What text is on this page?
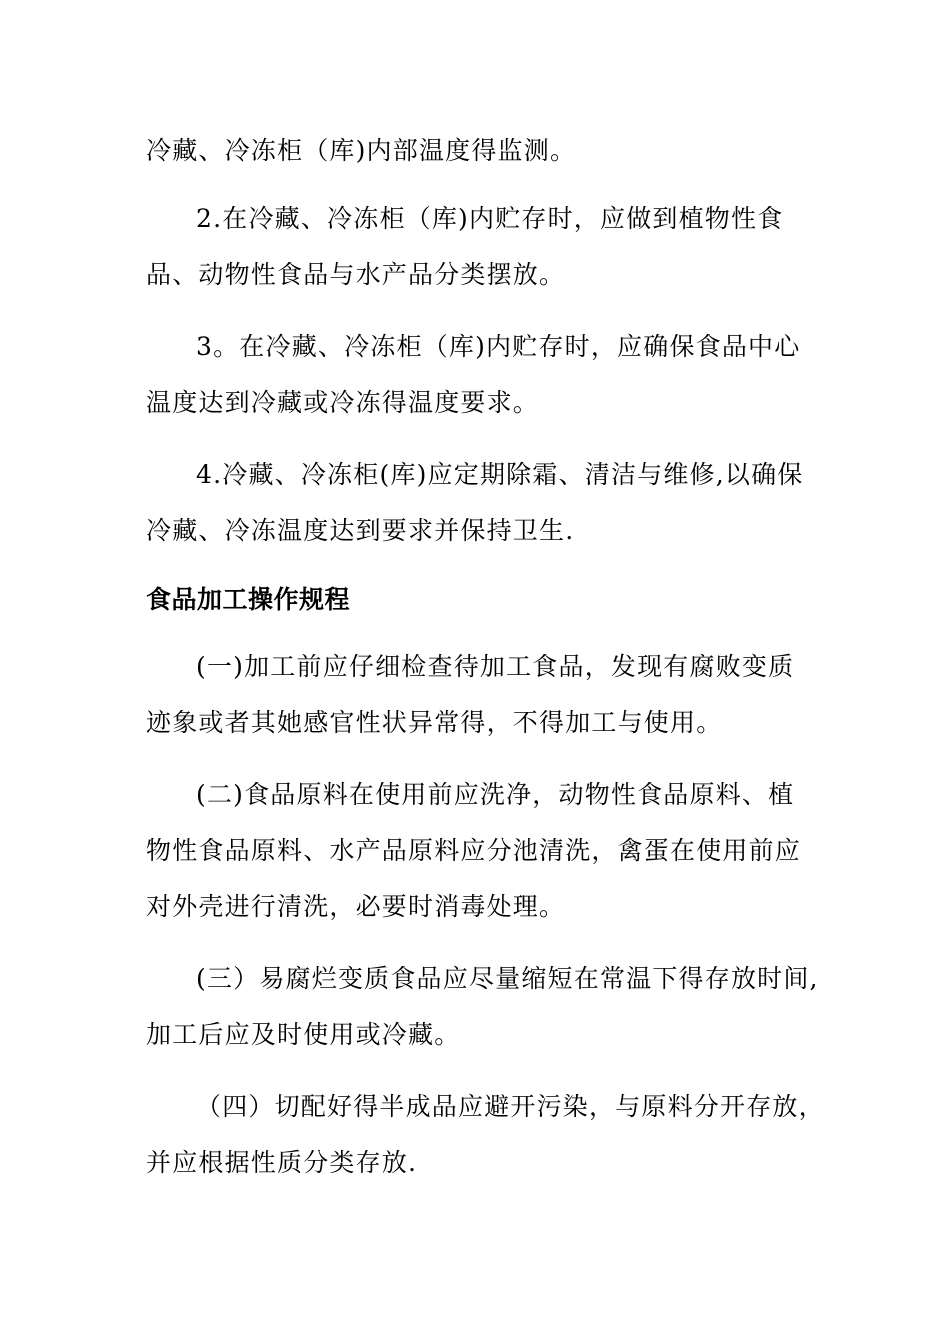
冷藏、冷冻柜（库)内部温度得监测。
2.在冷藏、冷冻柜（库)内贮存时，应做到植物性食
品、动物性食品与水产品分类摆放。
3。在冷藏、冷冻柜（库)内贮存时，应确保食品中心
温度达到冷藏或冷冻得温度要求。
4.冷藏、冷冻柜(库)应定期除霜、清洁与维修,以确保
冷藏、冷冻温度达到要求并保持卫生.
食品加工操作规程
(一)加工前应仔细检查待加工食品，发现有腐败变质
迹象或者其她感官性状异常得，不得加工与使用。
(二)食品原料在使用前应洗净，动物性食品原料、植
物性食品原料、水产品原料应分池清洗，禽蛋在使用前应
对外壳进行清洗，必要时消毒处理。
(三）易腐烂变质食品应尽量缩短在常温下得存放时间,
加工后应及时使用或冷藏。
（四）切配好得半成品应避开污染，与原料分开存放，
并应根据性质分类存放.
